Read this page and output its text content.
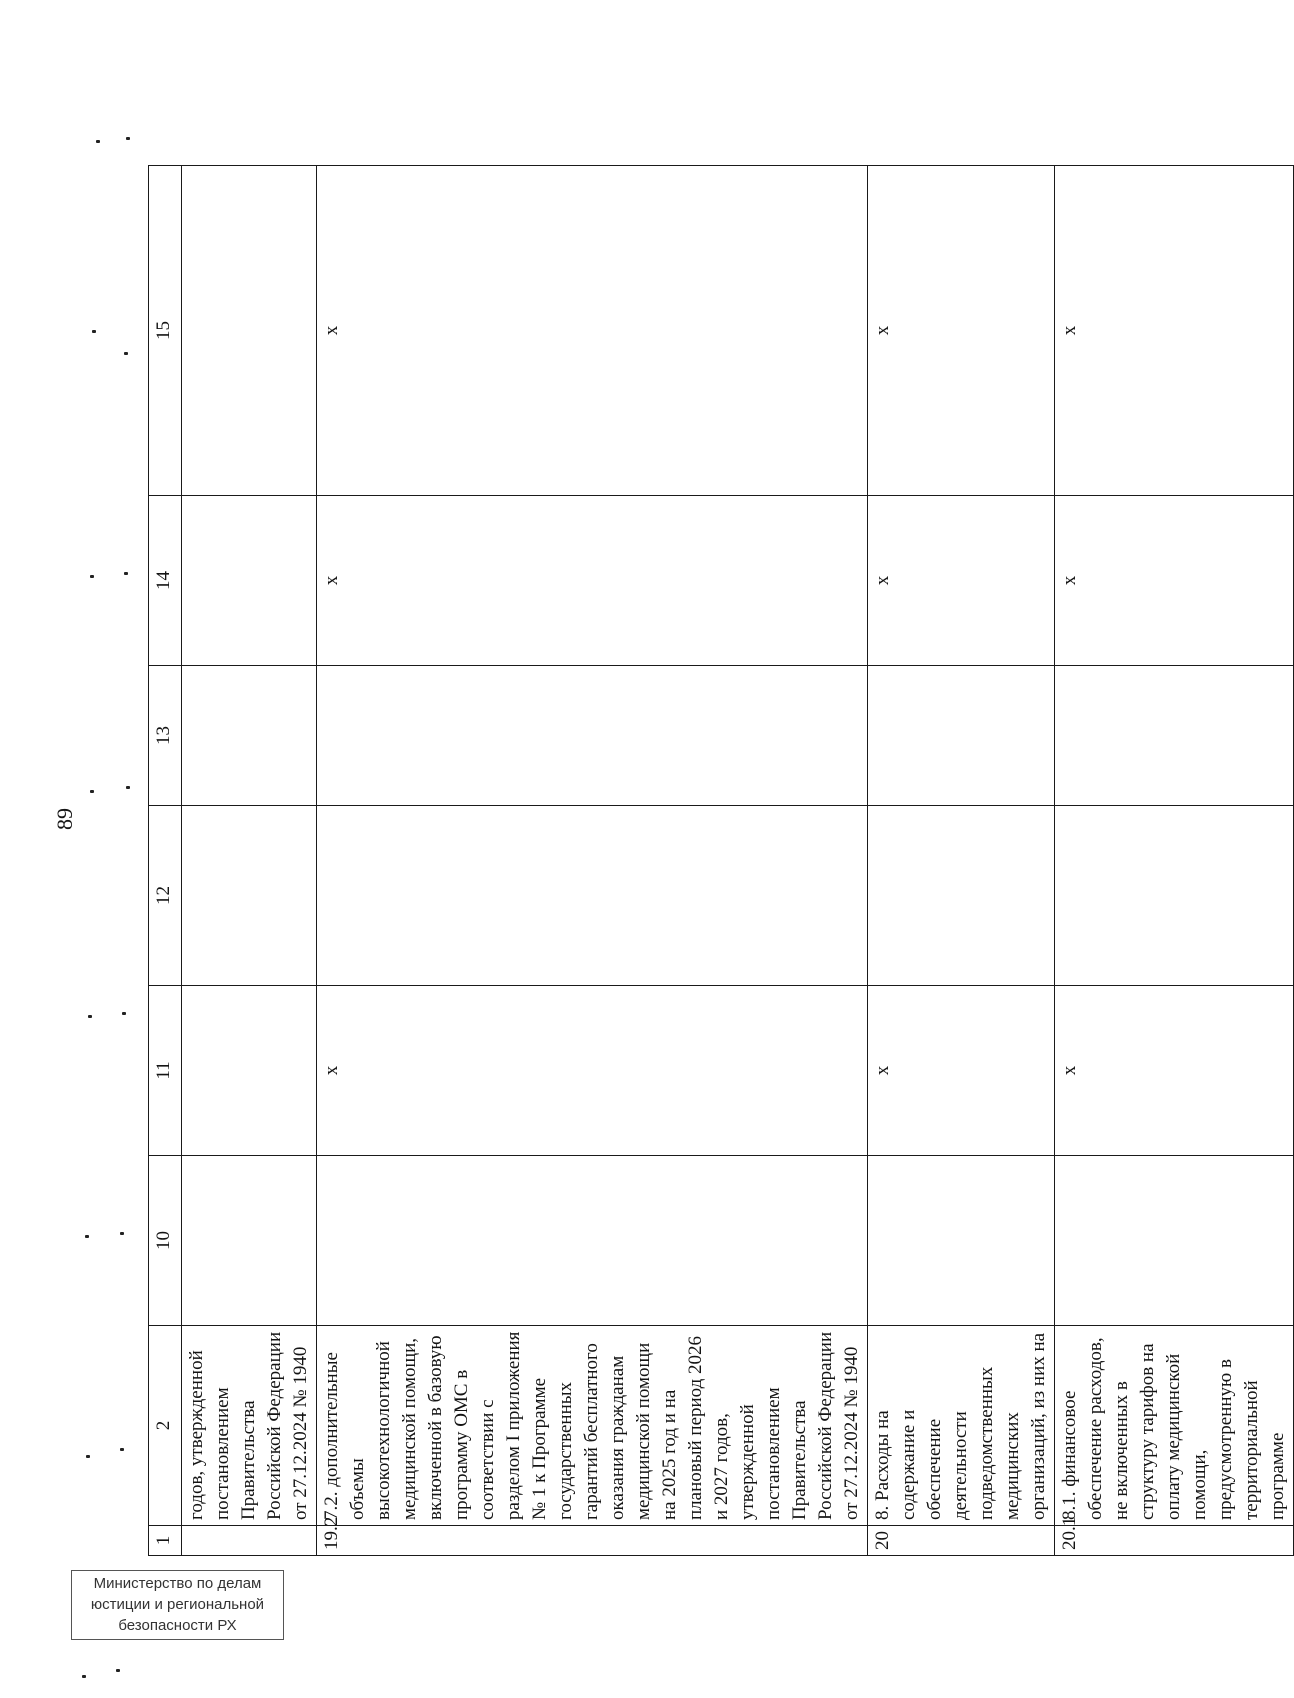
89
1	2	10	11	12	13	14	15
	годов, утвержденной постановлением Правительства Российской Федерации от 27.12.2024 № 1940						
19.2	7.2. дополнительные объемы высокотехнологичной медицинской помощи, включенной в базовую программу ОМС в соответствии с разделом I приложения № 1 к Программе государственных гарантий бесплатного оказания гражданам медицинской помощи на 2025 год и на плановый период 2026 и 2027 годов, утвержденной постановлением Правительства Российской Федерации от 27.12.2024 № 1940		x			x	x
20	8. Расходы на содержание и обеспечение деятельности подведомственных медицинских организаций, из них на		x			x	x
20.1	8.1. финансовое обеспечение расходов, не включенных в структуру тарифов на оплату медицинской помощи, предусмотренную в территориальной программе		x			x	x
Министерство по делам
юстиции и региональной
безопасности РХ
